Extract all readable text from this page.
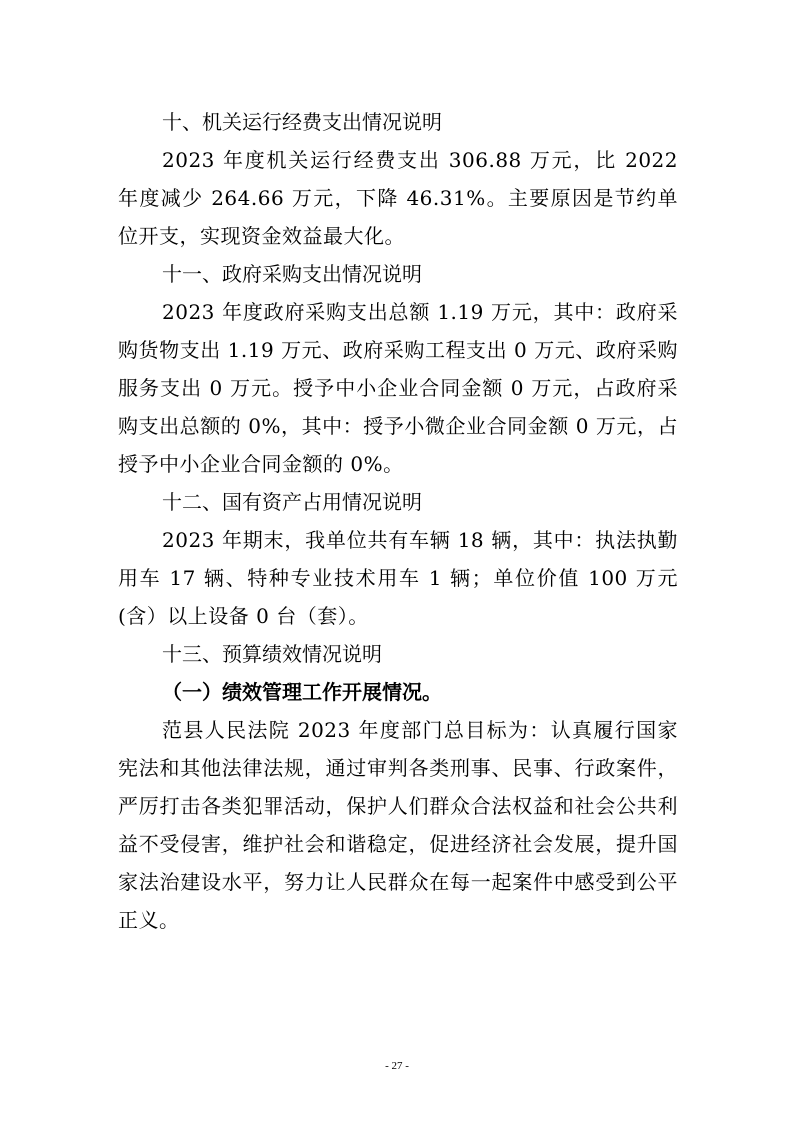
十、机关运行经费支出情况说明

2023 年度机关运行经费支出 306.88 万元，比 2022 年度减少 264.66 万元，下降 46.31%。主要原因是节约单位开支，实现资金效益最大化。

十一、政府采购支出情况说明

2023 年度政府采购支出总额 1.19 万元，其中：政府采购货物支出 1.19 万元、政府采购工程支出 0 万元、政府采购服务支出 0 万元。授予中小企业合同金额 0 万元，占政府采购支出总额的 0%，其中：授予小微企业合同金额 0 万元，占授予中小企业合同金额的 0%。

十二、国有资产占用情况说明

2023 年期末，我单位共有车辆 18 辆，其中：执法执勤用车 17 辆、特种专业技术用车 1 辆；单位价值 100 万元(含）以上设备 0 台（套）。

十三、预算绩效情况说明

（一）绩效管理工作开展情况。

范县人民法院 2023 年度部门总目标为：认真履行国家宪法和其他法律法规，通过审判各类刑事、民事、行政案件，严厉打击各类犯罪活动，保护人们群众合法权益和社会公共利益不受侵害，维护社会和谐稳定，促进经济社会发展，提升国家法治建设水平，努力让人民群众在每一起案件中感受到公平正义。

- 27 -
